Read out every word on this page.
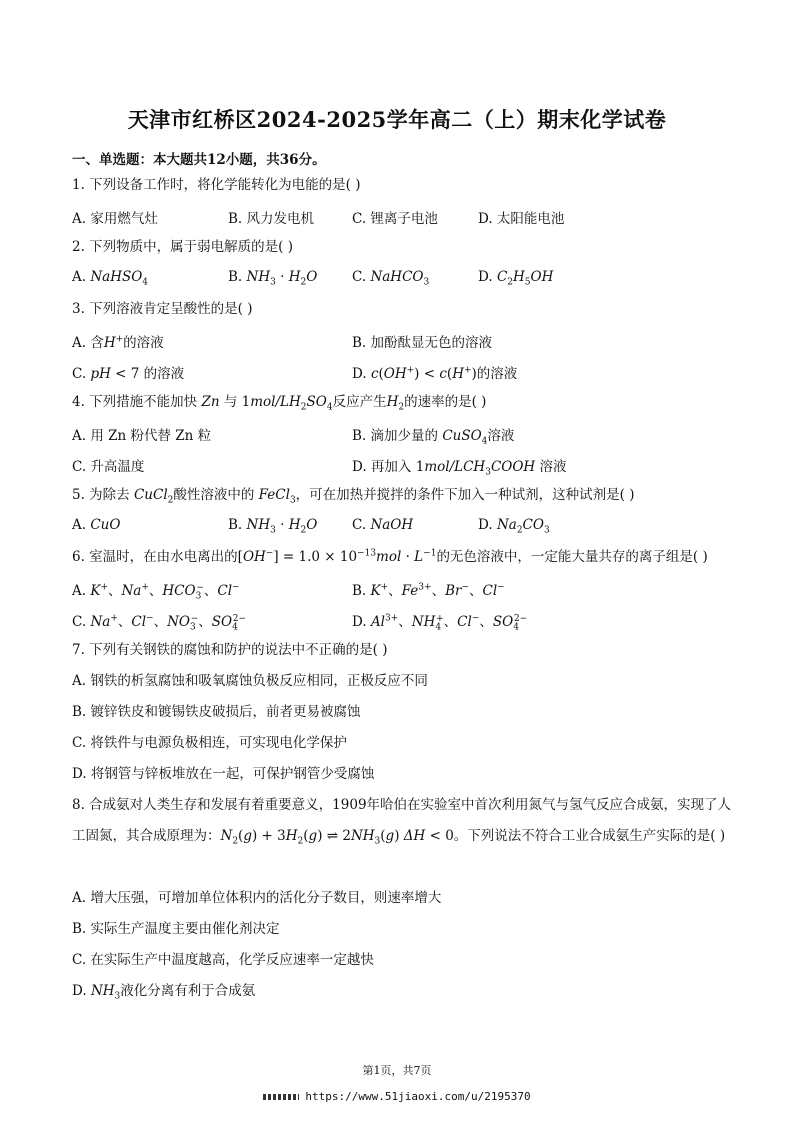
天津市红桥区2024-2025学年高二（上）期末化学试卷
一、单选题：本大题共12小题，共36分。
1. 下列设备工作时，将化学能转化为电能的是( )
A. 家用燃气灶	B. 风力发电机	C. 锂离子电池	D. 太阳能电池
2. 下列物质中，属于弱电解质的是( )
A. NaHSO$_4$	B. $NH_3 \cdot H_2O$	C. NaHCO$_3$	D. $C_2H_5OH$
3. 下列溶液肯定呈酸性的是( )
A. 含H+的溶液	B. 加酚酞显无色的溶液
C. pH < 7 的溶液	D. c(OH+) < c(H+)的溶液
4. 下列措施不能加快 Zn 与 $1mol/LH_2SO_4$反应产生$H_2$的速率的是( )
A. 用 Zn 粉代替 Zn 粒	B. 滴加少量的 CuSO$_4$溶液
C. 升高温度	D. 再加入 $1mol/LCH_3COOH$ 溶液
5. 为除去 CuCl$_2$酸性溶液中的 FeCl$_3$，可在加热并搅拌的条件下加入一种试剂，这种试剂是( )
A. CuO	B. $NH_3 \cdot H_2O$	C. NaOH	D. $Na_2CO_3$
6. 室温时，在由水电离出的$[OH^-] = 1.0 \times 10^{-13}mol \cdot L^{-1}$的无色溶液中，一定能大量共存的离子组是( )
A. K+、Na+、$HCO_3^-$、Cl−	B. K+、$Fe^{3+}$、Br−、Cl−
C. Na+、Cl−、$NO_3^-$、$SO_4^{2-}$	D. $Al^{3+}$、$NH_4^+$、Cl−、$SO_4^{2-}$
7. 下列有关钢铁的腐蚀和防护的说法中不正确的是( )
A. 钢铁的析氢腐蚀和吸氧腐蚀负极反应相同，正极反应不同
B. 镀锌铁皮和镀锡铁皮破损后，前者更易被腐蚀
C. 将铁件与电源负极相连，可实现电化学保护
D. 将钢管与锌板堆放在一起，可保护钢管少受腐蚀
8. 合成氨对人类生存和发展有着重要意义，1909年哈伯在实验室中首次利用氮气与氢气反应合成氨，实现了人工固氮，其合成原理为：$N_2(g) + 3H_2(g)$ ⇌ $2NH_3(g) \Delta H < 0$。下列说法不符合工业合成氨生产实际的是( )
A. 增大压强，可增加单位体积内的活化分子数目，则速率增大
B. 实际生产温度主要由催化剂决定
C. 在实际生产中温度越高，化学反应速率一定越快
D. $NH_3$液化分离有利于合成氨
第1页，共7页
https://www.51jiaoxi.com/u/2195370
